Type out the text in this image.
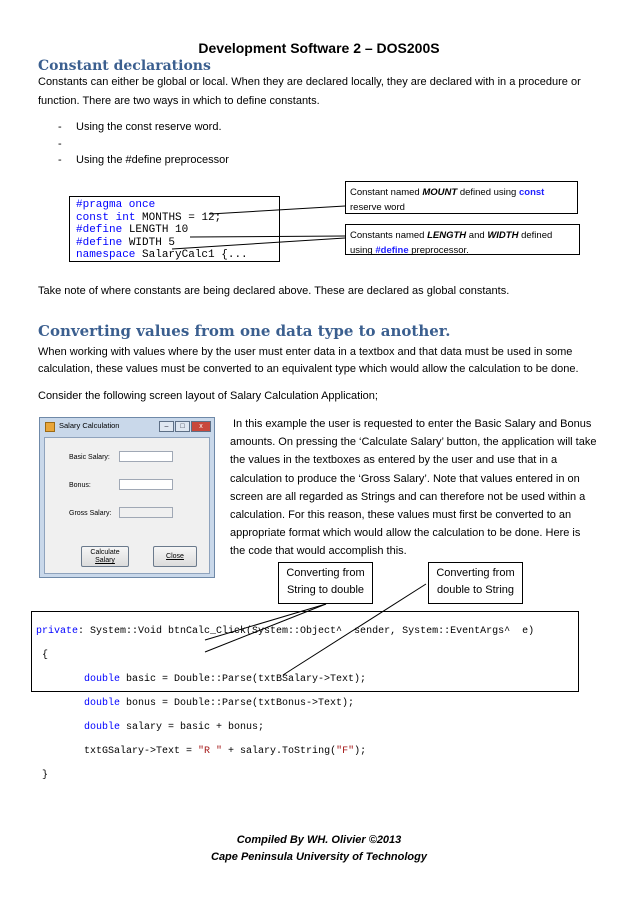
Development Software 2 – DOS200S
Constant declarations
Constants can either be global or local. When they are declared locally, they are declared with in a procedure or
function. There are two ways in which to define constants.
- Using the const reserve word.
-
- Using the #define preprocessor
#pragma once
const int MONTHS = 12;
#define LENGTH 10
#define WIDTH 5
namespace SalaryCalc1 {...
Constant named MOUNT defined using const
reserve word
Constants named LENGTH and WIDTH defined
using #define preprocessor.
Take note of where constants are being declared above. These are declared as global constants.
Converting values from one data type to another.
When working with values where by the user must enter data in a textbox and that data must be used in some
calculation, these values must be converted to an equivalent type which would allow the calculation to be done.
Consider the following screen layout of Salary Calculation Application;
Salary Calculation	–	□	x
Basic Salary:
Bonus:
Gross Salary:
Calculate
Salary
Close
In this example the user is requested to enter the Basic Salary and Bonus
amounts. On pressing the ‘Calculate Salary’ button, the application will take
the values in the textboxes as entered by the user and use that in a
calculation to produce the ‘Gross Salary’. Note that values entered in on
screen are all regarded as Strings and can therefore not be used within a
calculation. For this reason, these values must first be converted to an
appropriate format which would allow the calculation to be done. Here is
the code that would accomplish this.
Converting from
String to double
Converting from
double to String

private: System::Void btnCalc_Click(System::Object^  sender, System::EventArgs^  e)

{

double basic = Double::Parse(txtBSalary->Text);

double bonus = Double::Parse(txtBonus->Text);

double salary = basic + bonus;

txtGSalary->Text = "R " + salary.ToString("F");

}

Compiled By WH. Olivier ©2013
Cape Peninsula University of Technology
